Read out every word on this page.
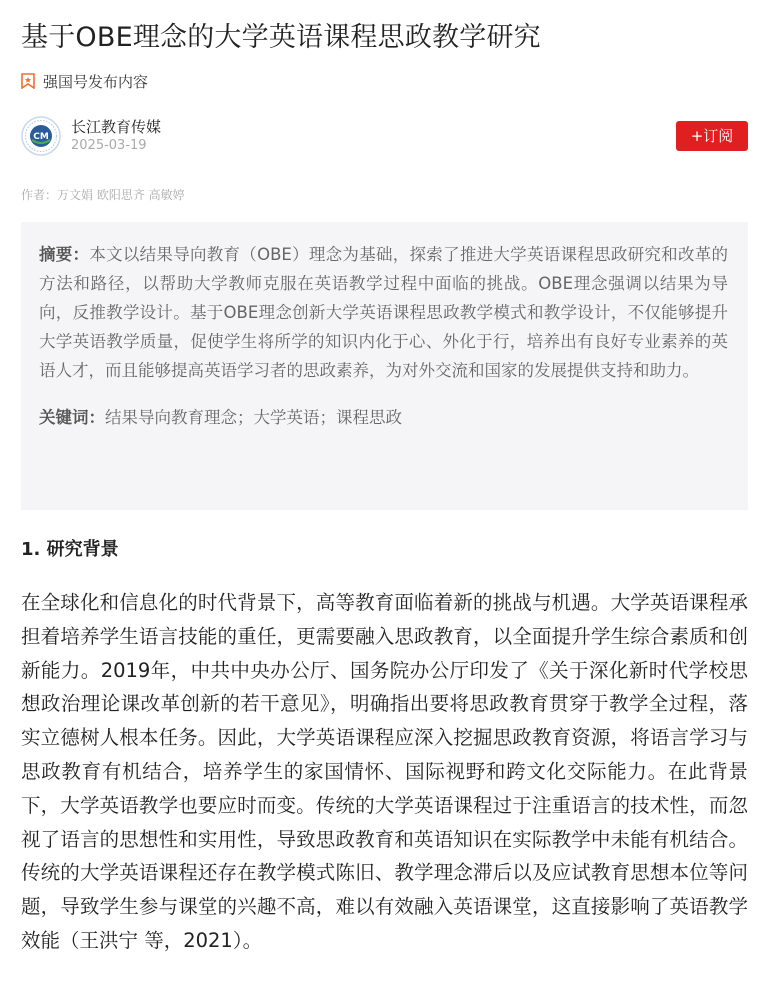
基于OBE理念的大学英语课程思政教学研究
强国号发布内容
CM
长江教育传媒
2025-03-19
+订阅
作者：万文娟 欧阳思齐 高敏婷

摘要：本文以结果导向教育（OBE）理念为基础，探索了推进大学英语课程思政研究和改革的方法和路径，以帮助大学教师克服在英语教学过程中面临的挑战。OBE理念强调以结果为导向，反推教学设计。基于OBE理念创新大学英语课程思政教学模式和教学设计，不仅能够提升大学英语教学质量，促使学生将所学的知识内化于心、外化于行，培养出有良好专业素养的英语人才，而且能够提高英语学习者的思政素养，为对外交流和国家的发展提供支持和助力。

关键词：结果导向教育理念；大学英语；课程思政
1. 研究背景

在全球化和信息化的时代背景下，高等教育面临着新的挑战与机遇。大学英语课程承担着培养学生语言技能的重任，更需要融入思政教育，以全面提升学生综合素质和创新能力。2019年，中共中央办公厅、国务院办公厅印发了《关于深化新时代学校思想政治理论课改革创新的若干意见》，明确指出要将思政教育贯穿于教学全过程，落实立德树人根本任务。因此，大学英语课程应深入挖掘思政教育资源，将语言学习与思政教育有机结合，培养学生的家国情怀、国际视野和跨文化交际能力。在此背景下，大学英语教学也要应时而变。传统的大学英语课程过于注重语言的技术性，而忽视了语言的思想性和实用性，导致思政教育和英语知识在实际教学中未能有机结合。传统的大学英语课程还存在教学模式陈旧、教学理念滞后以及应试教育思想本位等问题，导致学生参与课堂的兴趣不高，难以有效融入英语课堂，这直接影响了英语教学效能（王洪宁 等，2021）。
